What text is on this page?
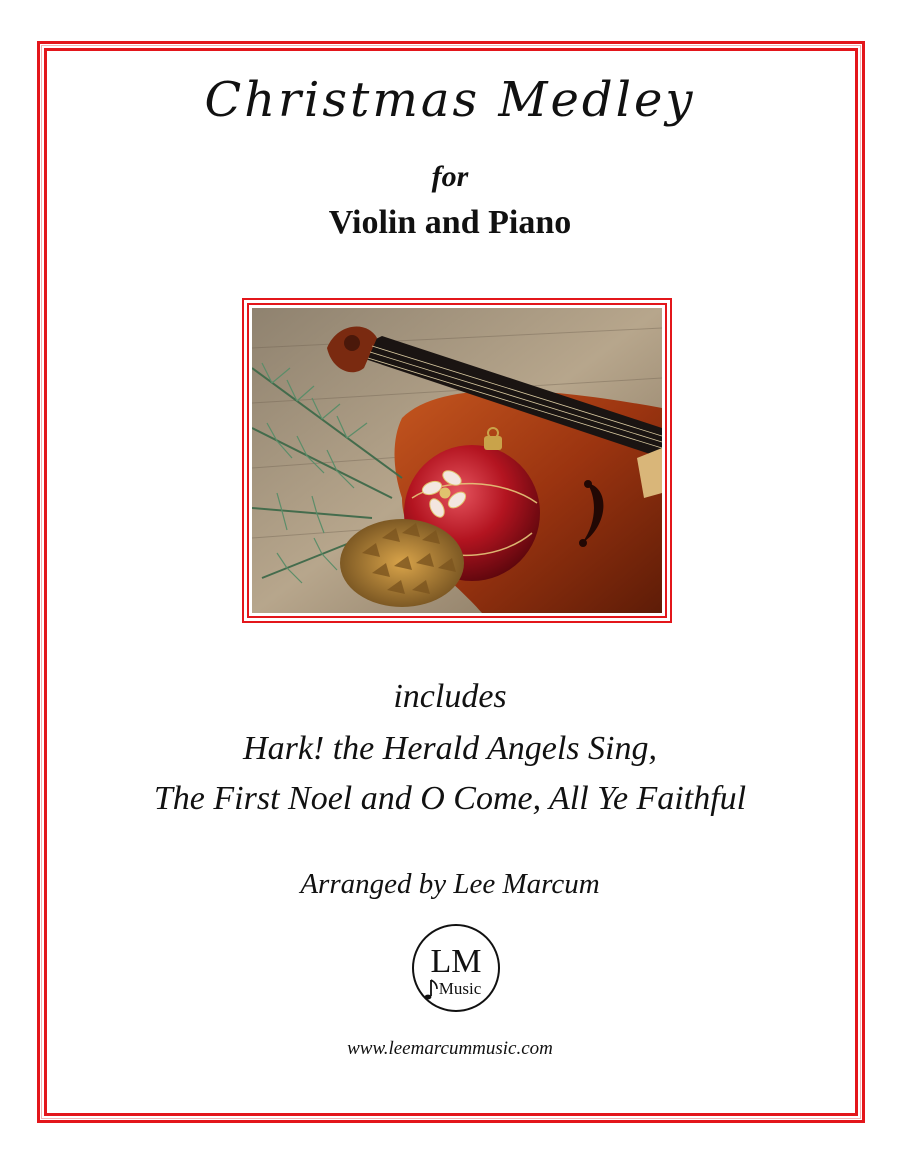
Christmas Medley
for
Violin and Piano
includes
Hark! the Herald Angels Sing,
The First Noel and O Come, All Ye Faithful
Arranged by Lee Marcum
LM
Music
www.leemarcummusic.com
